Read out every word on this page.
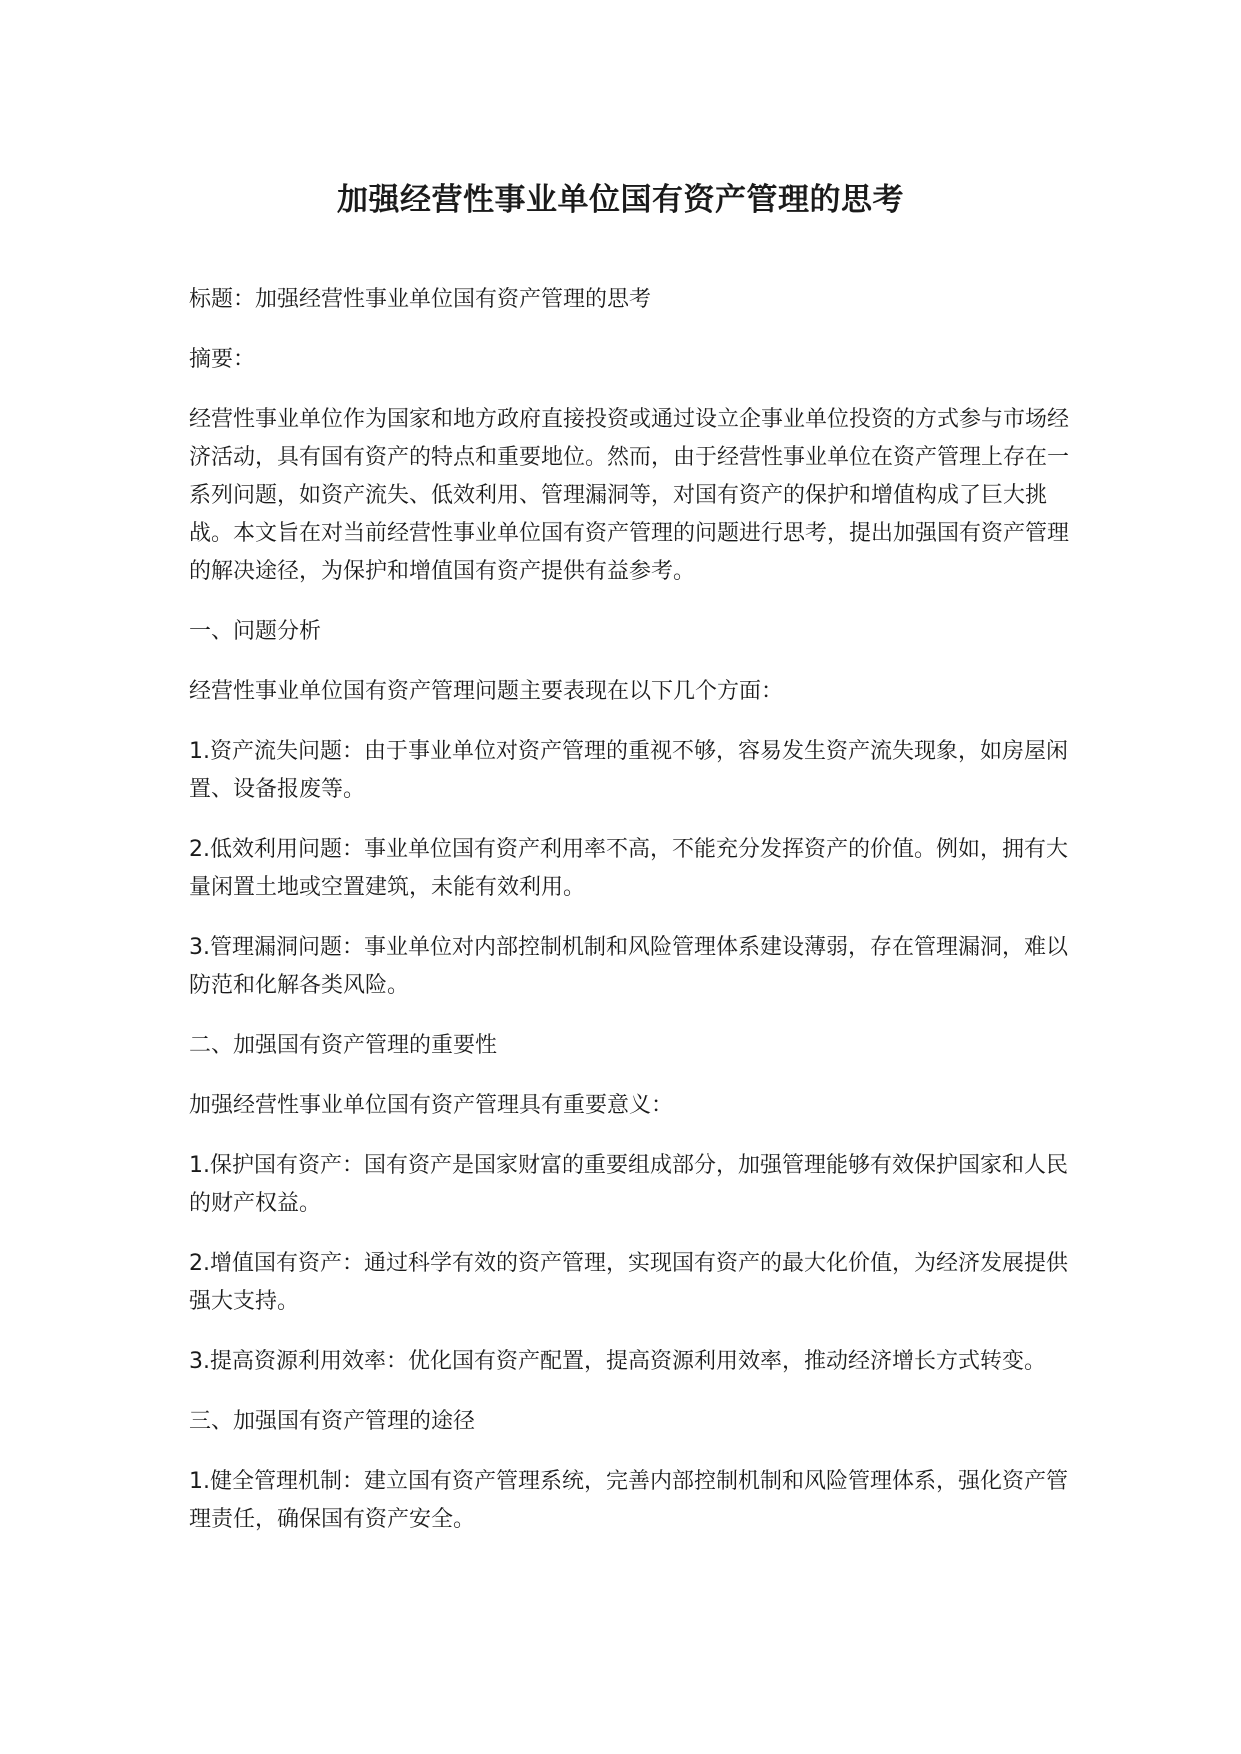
加强经营性事业单位国有资产管理的思考

标题：加强经营性事业单位国有资产管理的思考

摘要：

经营性事业单位作为国家和地方政府直接投资或通过设立企事业单位投资的方式参与市场经济活动，具有国有资产的特点和重要地位。然而，由于经营性事业单位在资产管理上存在一系列问题，如资产流失、低效利用、管理漏洞等，对国有资产的保护和增值构成了巨大挑战。本文旨在对当前经营性事业单位国有资产管理的问题进行思考，提出加强国有资产管理的解决途径，为保护和增值国有资产提供有益参考。

一、问题分析

经营性事业单位国有资产管理问题主要表现在以下几个方面：

1.资产流失问题：由于事业单位对资产管理的重视不够，容易发生资产流失现象，如房屋闲置、设备报废等。

2.低效利用问题：事业单位国有资产利用率不高，不能充分发挥资产的价值。例如，拥有大量闲置土地或空置建筑，未能有效利用。

3.管理漏洞问题：事业单位对内部控制机制和风险管理体系建设薄弱，存在管理漏洞，难以防范和化解各类风险。

二、加强国有资产管理的重要性

加强经营性事业单位国有资产管理具有重要意义：

1.保护国有资产：国有资产是国家财富的重要组成部分，加强管理能够有效保护国家和人民的财产权益。

2.增值国有资产：通过科学有效的资产管理，实现国有资产的最大化价值，为经济发展提供强大支持。

3.提高资源利用效率：优化国有资产配置，提高资源利用效率，推动经济增长方式转变。

三、加强国有资产管理的途径

1.健全管理机制：建立国有资产管理系统，完善内部控制机制和风险管理体系，强化资产管理责任，确保国有资产安全。
